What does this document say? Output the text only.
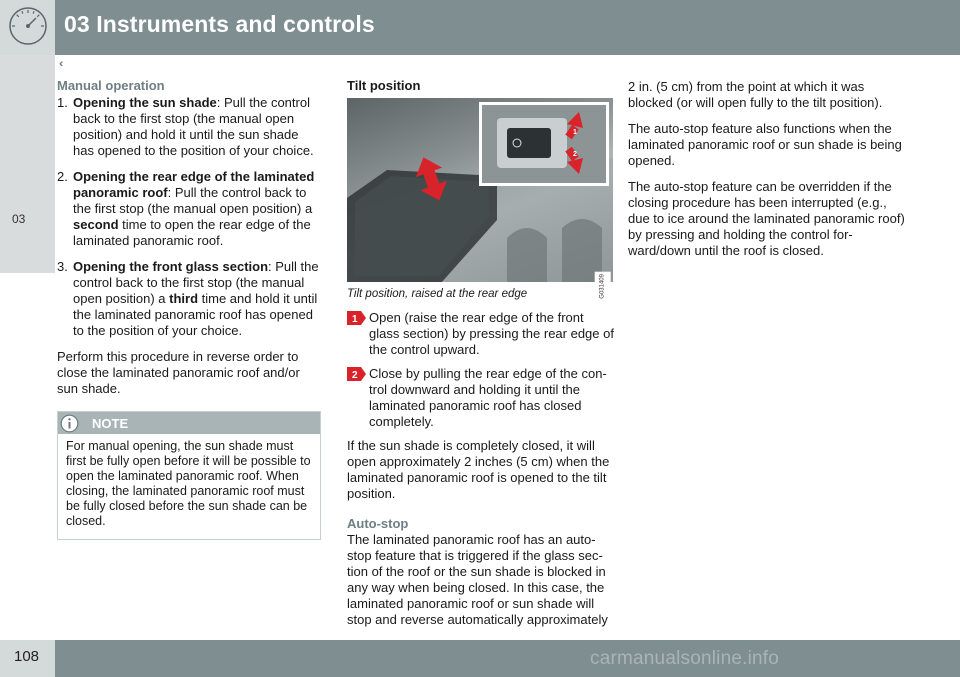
03 Instruments and controls
‹‹
03
Manual operation
1. Opening the sun shade: Pull the control back to the first stop (the manual open position) and hold it until the sun shade has opened to the position of your choice.
2. Opening the rear edge of the laminated panoramic roof: Pull the control back to the first stop (the manual open position) a second time to open the rear edge of the laminated panoramic roof.
3. Opening the front glass section: Pull the control back to the first stop (the manual open position) a third time and hold it until the laminated panoramic roof has opened to the position of your choice.

Perform this procedure in reverse order to close the laminated panoramic roof and/or sun shade.

NOTE
For manual opening, the sun shade must first be fully open before it will be possible to open the laminated panoramic roof. When closing, the laminated panoramic roof must be fully closed before the sun shade can be closed.
Tilt position
1
2
G031409
Tilt position, raised at the rear edge
1 Open (raise the rear edge of the front glass section) by pressing the rear edge of the control upward.
2 Close by pulling the rear edge of the con-trol downward and holding it until the laminated panoramic roof has closed completely.

If the sun shade is completely closed, it will open approximately 2 inches (5 cm) when the laminated panoramic roof is opened to the tilt position.

Auto-stop

The laminated panoramic roof has an auto-stop feature that is triggered if the glass sec-tion of the roof or the sun shade is blocked in any way when being closed. In this case, the laminated panoramic roof or sun shade will stop and reverse automatically approximately

2 in. (5 cm) from the point at which it was blocked (or will open fully to the tilt position).

The auto-stop feature also functions when the laminated panoramic roof or sun shade is being opened.

The auto-stop feature can be overridden if the closing procedure has been interrupted (e.g., due to ice around the laminated panoramic roof) by pressing and holding the control for-ward/down until the roof is closed.

108	carmanualsonline.info
